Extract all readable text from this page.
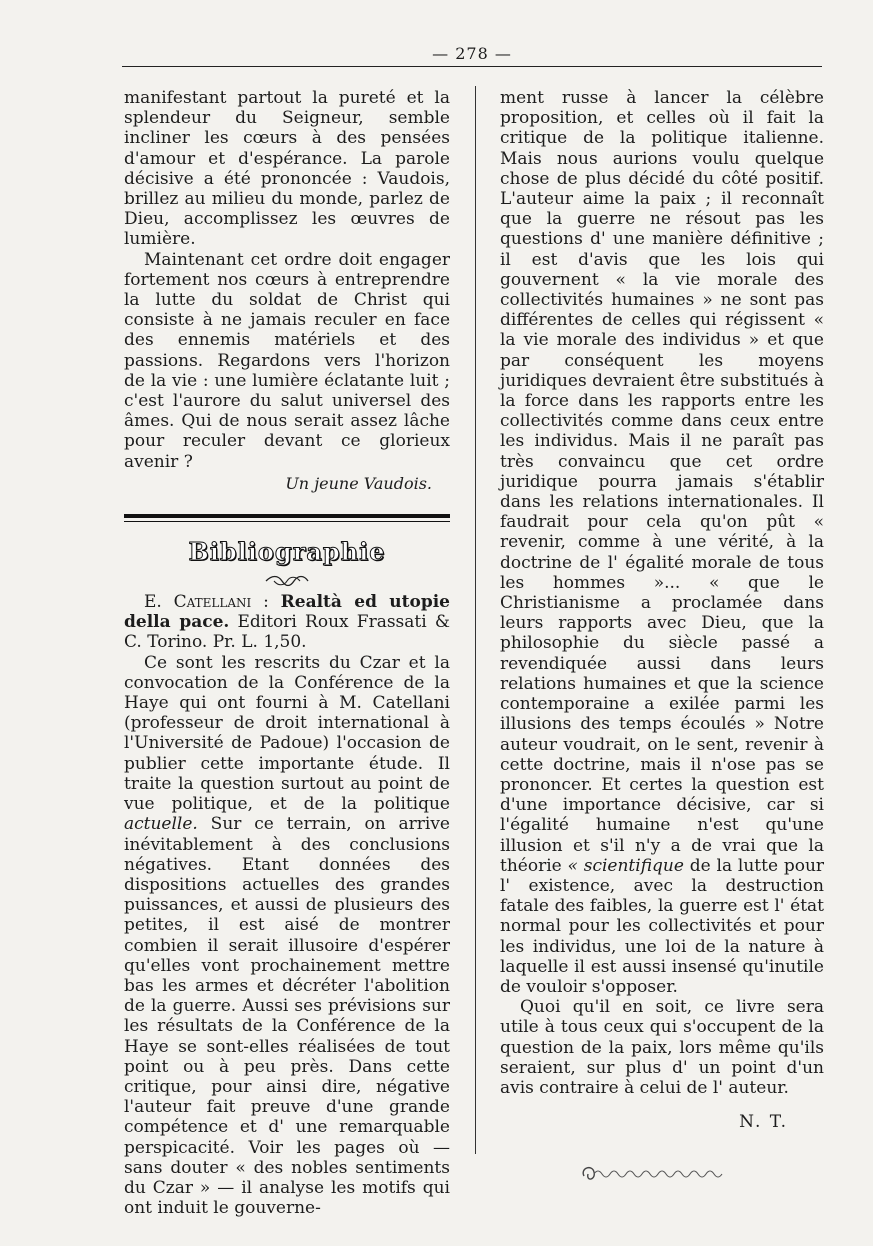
— 278 —

manifestant partout la pureté et la splendeur du Seigneur, semble incliner les cœurs à des pensées d'amour et d'espérance. La parole décisive a été prononcée : Vaudois, brillez au milieu du monde, parlez de Dieu, accomplissez les œuvres de lumière.

Maintenant cet ordre doit engager fortement nos cœurs à entreprendre la lutte du soldat de Christ qui consiste à ne jamais reculer en face des ennemis matériels et des passions. Regardons vers l'horizon de la vie : une lumière éclatante luit ; c'est l'aurore du salut universel des âmes. Qui de nous serait assez lâche pour reculer devant ce glorieux avenir ?

Un jeune Vaudois.

Bibliographie

E. Catellani : Realtà ed utopie della pace. Editori Roux Frassati & C. Torino. Pr. L. 1,50.

Ce sont les rescrits du Czar et la convocation de la Conférence de la Haye qui ont fourni à M. Catellani (professeur de droit international à l'Université de Padoue) l'occasion de publier cette importante étude. Il traite la question surtout au point de vue politique, et de la politique actuelle. Sur ce terrain, on arrive inévitablement à des conclusions négatives. Etant données des dispositions actuelles des grandes puissances, et aussi de plusieurs des petites, il est aisé de montrer combien il serait illusoire d'espérer qu'elles vont prochainement mettre bas les armes et décréter l'abolition de la guerre. Aussi ses prévisions sur les résultats de la Conférence de la Haye se sont-elles réalisées de tout point ou à peu près. Dans cette critique, pour ainsi dire, négative l'auteur fait preuve d'une grande compétence et d' une remarquable perspicacité. Voir les pages où — sans douter « des nobles sentiments du Czar » — il analyse les motifs qui ont induit le gouverne-

ment russe à lancer la célèbre proposition, et celles où il fait la critique de la politique italienne. Mais nous aurions voulu quelque chose de plus décidé du côté positif. L'auteur aime la paix ; il reconnaît que la guerre ne résout pas les questions d' une manière définitive ; il est d'avis que les lois qui gouvernent « la vie morale des collectivités humaines » ne sont pas différentes de celles qui régissent « la vie morale des individus » et que par conséquent les moyens juridiques devraient être substitués à la force dans les rapports entre les collectivités comme dans ceux entre les individus. Mais il ne paraît pas très convaincu que cet ordre juridique pourra jamais s'établir dans les relations internationales. Il faudrait pour cela qu'on pût « revenir, comme à une vérité, à la doctrine de l' égalité morale de tous les hommes »... « que le Christianisme a proclamée dans leurs rapports avec Dieu, que la philosophie du siècle passé a revendiquée aussi dans leurs relations humaines et que la science contemporaine a exilée parmi les illusions des temps écoulés » Notre auteur voudrait, on le sent, revenir à cette doctrine, mais il n'ose pas se prononcer. Et certes la question est d'une importance décisive, car si l'égalité humaine n'est qu'une illusion et s'il n'y a de vrai que la théorie « scientifique de la lutte pour l' existence, avec la destruction fatale des faibles, la guerre est l' état normal pour les collectivités et pour les individus, une loi de la nature à laquelle il est aussi insensé qu'inutile de vouloir s'opposer.

Quoi qu'il en soit, ce livre sera utile à tous ceux qui s'occupent de la question de la paix, lors même qu'ils seraient, sur plus d' un point d'un avis contraire à celui de l' auteur.

N. T.
